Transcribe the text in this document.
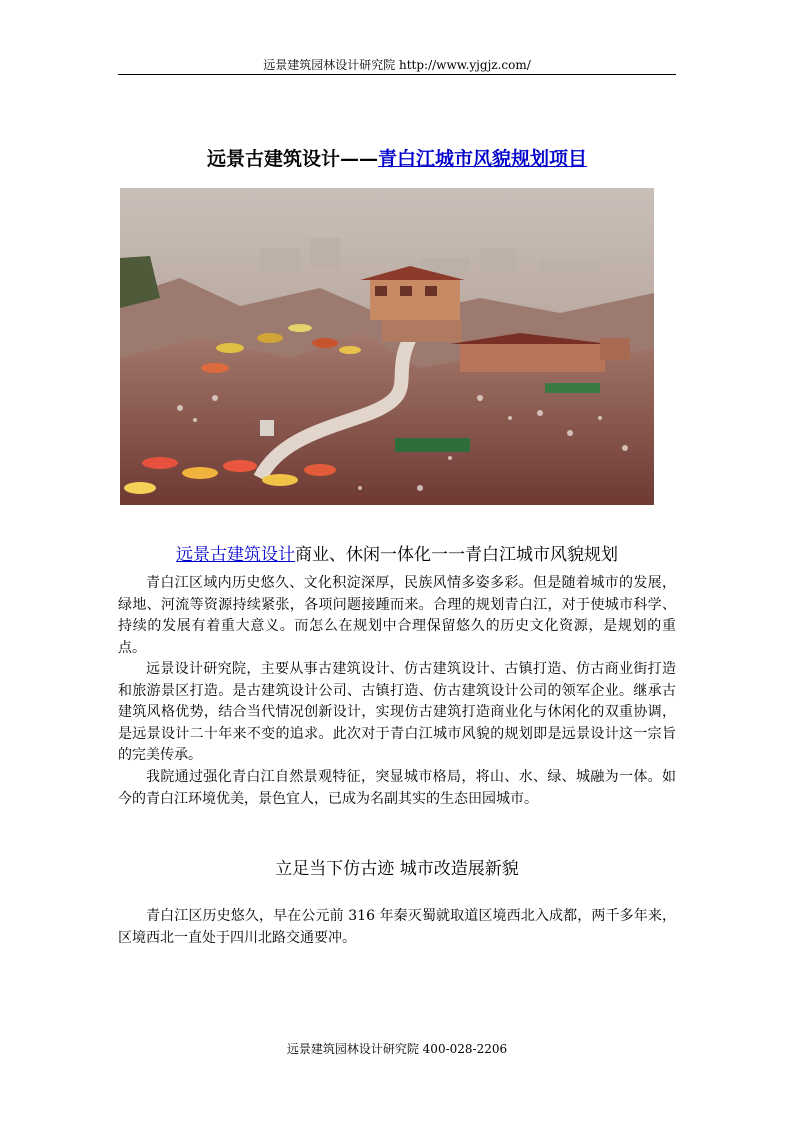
远景建筑园林设计研究院 http://www.yjgjz.com/
远景古建筑设计——青白江城市风貌规划项目
远景古建筑设计商业、休闲一体化一一青白江城市风貌规划

青白江区域内历史悠久、文化积淀深厚，民族风情多姿多彩。但是随着城市的发展，绿地、河流等资源持续紧张，各项问题接踵而来。合理的规划青白江，对于使城市科学、持续的发展有着重大意义。而怎么在规划中合理保留悠久的历史文化资源，是规划的重点。

远景设计研究院，主要从事古建筑设计、仿古建筑设计、古镇打造、仿古商业街打造和旅游景区打造。是古建筑设计公司、古镇打造、仿古建筑设计公司的领军企业。继承古建筑风格优势，结合当代情况创新设计，实现仿古建筑打造商业化与休闲化的双重协调，是远景设计二十年来不变的追求。此次对于青白江城市风貌的规划即是远景设计这一宗旨的完美传承。

我院通过强化青白江自然景观特征，突显城市格局，将山、水、绿、城融为一体。如今的青白江环境优美，景色宜人，已成为名副其实的生态田园城市。

立足当下仿古迹 城市改造展新貌

青白江区历史悠久，早在公元前 316 年秦灭蜀就取道区境西北入成都，两千多年来，区境西北一直处于四川北路交通要冲。

远景建筑园林设计研究院 400-028-2206
